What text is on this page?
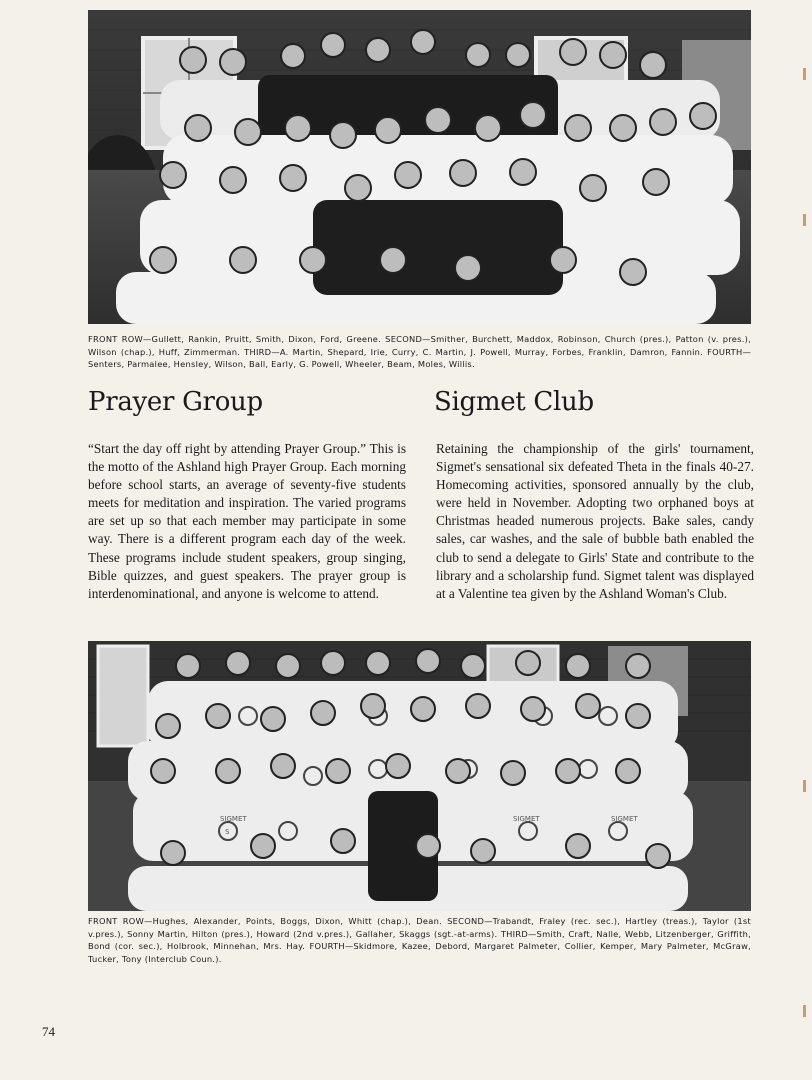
FRONT ROW—Gullett, Rankin, Pruitt, Smith, Dixon, Ford, Greene. SECOND—Smither, Burchett, Maddox, Robinson, Church (pres.), Patton (v. pres.), Wilson (chap.), Huff, Zimmerman. THIRD—A. Martin, Shepard, Irie, Curry, C. Martin, J. Powell, Murray, Forbes, Franklin, Damron, Fannin. FOURTH—Senters, Parmalee, Hensley, Wilson, Ball, Early, G. Powell, Wheeler, Beam, Moles, Willis.

Prayer Group	Sigmet Club

“Start the day off right by attending Prayer Group.” This is the motto of the Ashland high Prayer Group. Each morning before school starts, an average of seventy-five students meets for meditation and inspiration. The varied programs are set up so that each member may participate in some way. There is a different program each day of the week. These programs include student speakers, group singing, Bible quizzes, and guest speakers. The prayer group is interdenominational, and anyone is welcome to attend.

Retaining the championship of the girls' tournament, Sigmet's sensational six defeated Theta in the finals 40-27. Homecoming activities, sponsored annually by the club, were held in November. Adopting two orphaned boys at Christmas headed numerous projects. Bake sales, candy sales, car washes, and the sale of bubble bath enabled the club to send a delegate to Girls' State and contribute to the library and a scholarship fund. Sigmet talent was displayed at a Valentine tea given by the Ashland Woman's Club.

SIGMET	SIGMET	SIGMET
S

FRONT ROW—Hughes, Alexander, Points, Boggs, Dixon, Whitt (chap.), Dean. SECOND—Trabandt, Fraley (rec. sec.), Hartley (treas.), Taylor (1st v.pres.), Sonny Martin, Hilton (pres.), Howard (2nd v.pres.), Gallaher, Skaggs (sgt.-at-arms). THIRD—Smith, Craft, Nalle, Webb, Litzenberger, Griffith, Bond (cor. sec.), Holbrook, Minnehan, Mrs. Hay. FOURTH—Skidmore, Kazee, Debord, Margaret Palmeter, Collier, Kemper, Mary Palmeter, McGraw, Tucker, Tony (Interclub Coun.).

74
